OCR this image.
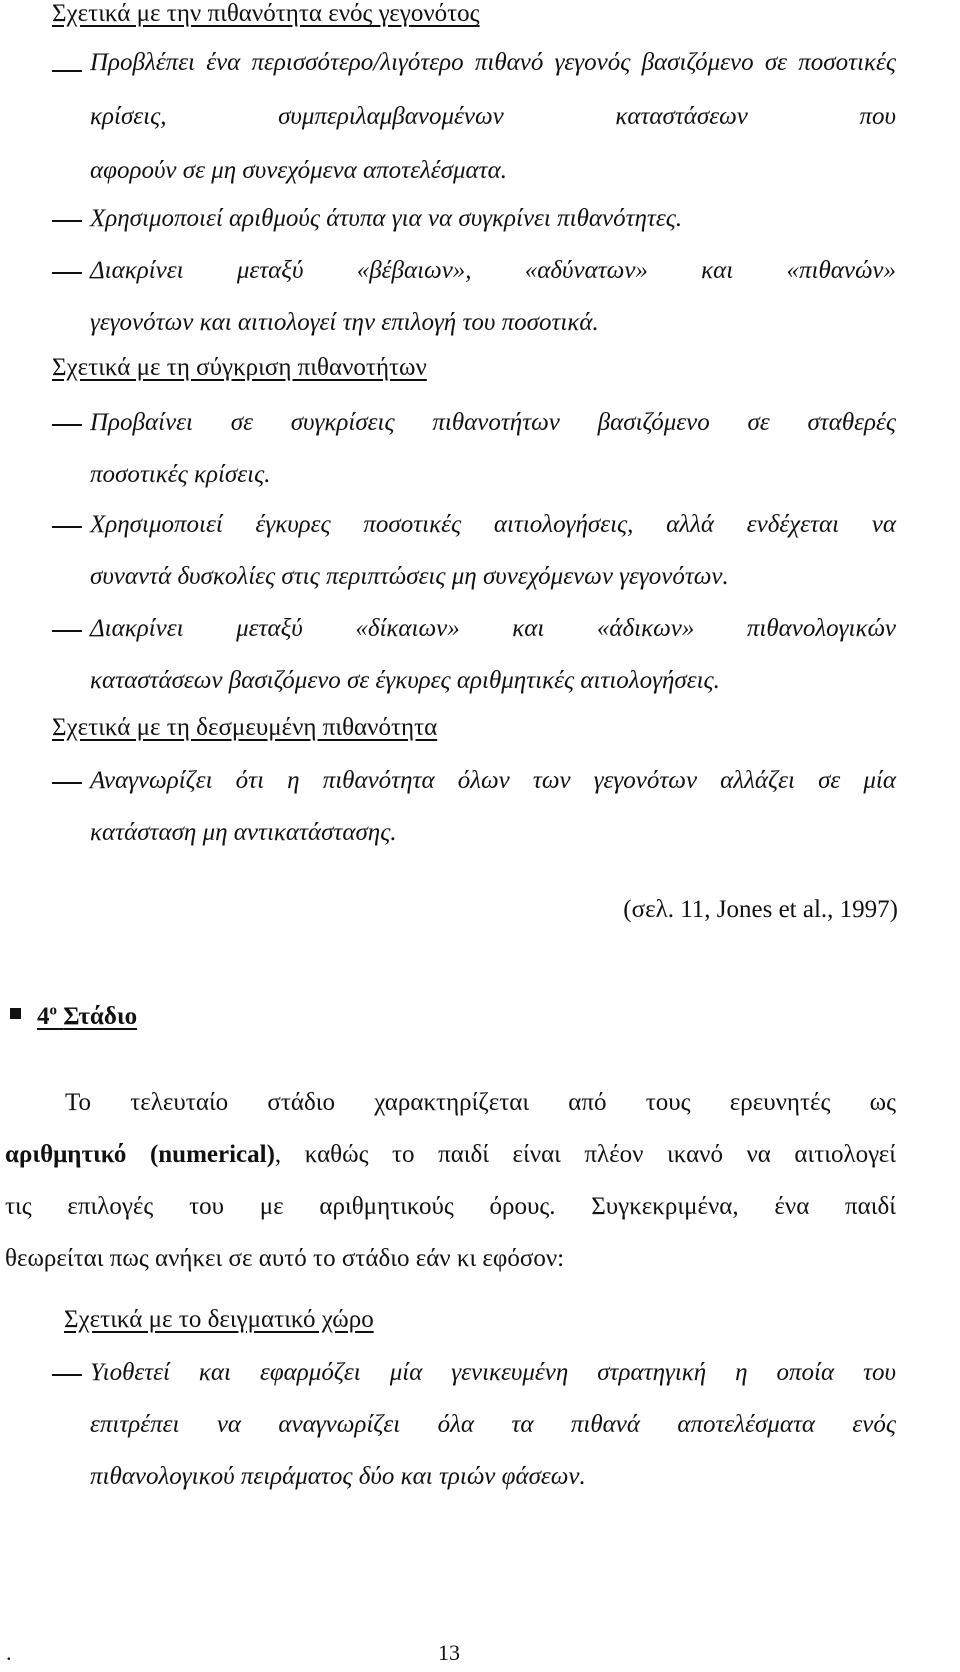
Σχετικά με την πιθανότητα ενός γεγονότος
Προβλέπει ένα περισσότερο/λιγότερο πιθανό γεγονός βασιζόμενο σε ποσοτικές κρίσεις, συμπεριλαμβανομένων καταστάσεων που
αφορούν σε μη συνεχόμενα αποτελέσματα.
Χρησιμοποιεί αριθμούς άτυπα για να συγκρίνει πιθανότητες.
Διακρίνει μεταξύ «βέβαιων», «αδύνατων» και «πιθανών»
γεγονότων και αιτιολογεί την επιλογή του ποσοτικά.
Σχετικά με τη σύγκριση πιθανοτήτων
Προβαίνει σε συγκρίσεις πιθανοτήτων βασιζόμενο σε σταθερές
ποσοτικές κρίσεις.
Χρησιμοποιεί έγκυρες ποσοτικές αιτιολογήσεις, αλλά ενδέχεται να
συναντά δυσκολίες στις περιπτώσεις μη συνεχόμενων γεγονότων.
Διακρίνει μεταξύ «δίκαιων» και «άδικων» πιθανολογικών
καταστάσεων βασιζόμενο σε έγκυρες αριθμητικές αιτιολογήσεις.
Σχετικά με τη δεσμευμένη πιθανότητα
Αναγνωρίζει ότι η πιθανότητα όλων των γεγονότων αλλάζει σε μία
κατάσταση μη αντικατάστασης.
(σελ. 11, Jones et al., 1997)
$4^o$ Στάδιο
Το τελευταίο στάδιο χαρακτηρίζεται από τους ερευνητές ως
αριθμητικό (numerical), καθώς το παιδί είναι πλέον ικανό να αιτιολογεί
τις επιλογές του με αριθμητικούς όρους. Συγκεκριμένα, ένα παιδί
θεωρείται πως ανήκει σε αυτό το στάδιο εάν κι εφόσον:
Σχετικά με το δειγματικό χώρο
Υιοθετεί και εφαρμόζει μία γενικευμένη στρατηγική η οποία του
επιτρέπει να αναγνωρίζει όλα τα πιθανά αποτελέσματα ενός
πιθανολογικού πειράματος δύο και τριών φάσεων.
.	13
